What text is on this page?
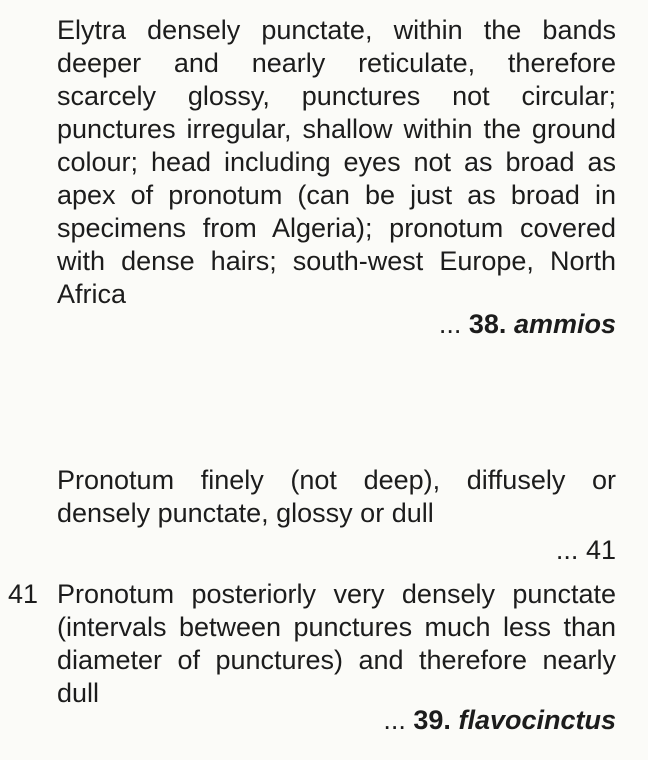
Elytra densely punctate, within the bands
deeper and nearly reticulate, therefore
scarcely glossy, punctures not circular;
punctures irregular, shallow within the ground
colour; head including eyes not as broad as
apex of pronotum (can be just as broad in
specimens from Algeria); pronotum covered
with dense hairs; south-west Europe, North
Africa
... 38. ammios
Pronotum finely (not deep), diffusely or
densely punctate, glossy or dull
... 41
41 Pronotum posteriorly very densely punctate
(intervals between punctures much less than
diameter of punctures) and therefore nearly
dull
... 39. flavocinctus
